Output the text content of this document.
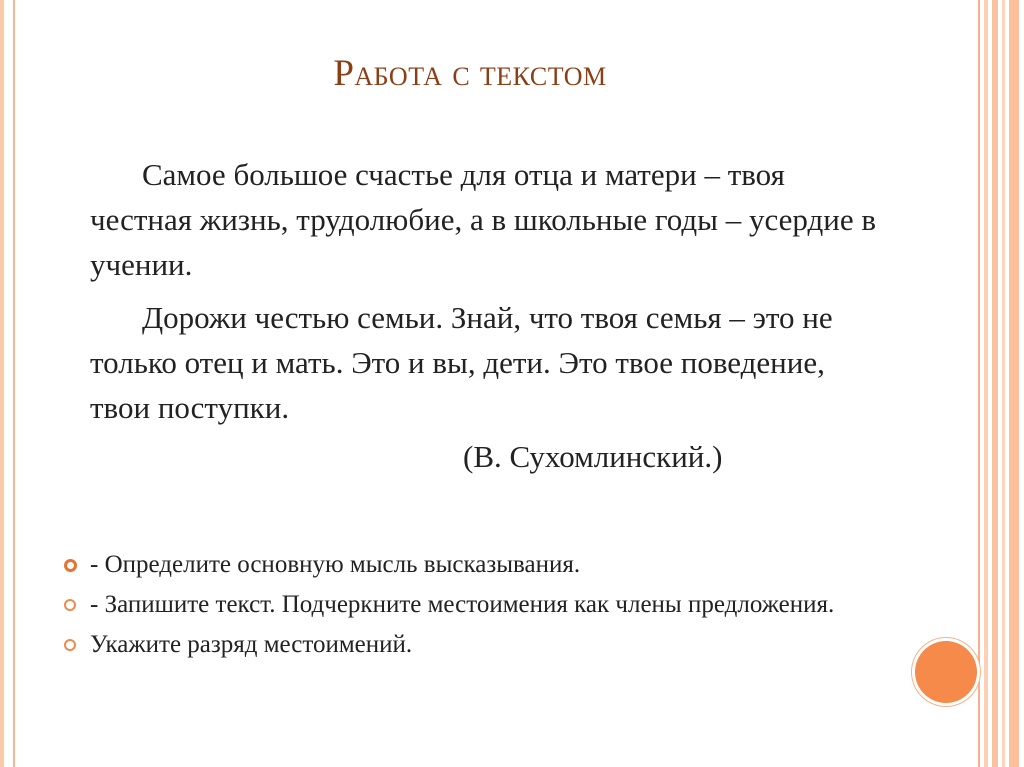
Работа с текстом

Самое большое счастье для отца и матери – твоя честная жизнь, трудолюбие, а в школьные годы – усердие в учении.

Дорожи честью семьи. Знай, что твоя семья – это не только отец и мать. Это и вы, дети. Это твое поведение, твои поступки.

(В. Сухомлинский.)
- Определите основную мысль высказывания.
- Запишите текст. Подчеркните местоимения как члены предложения.
Укажите разряд местоимений.
